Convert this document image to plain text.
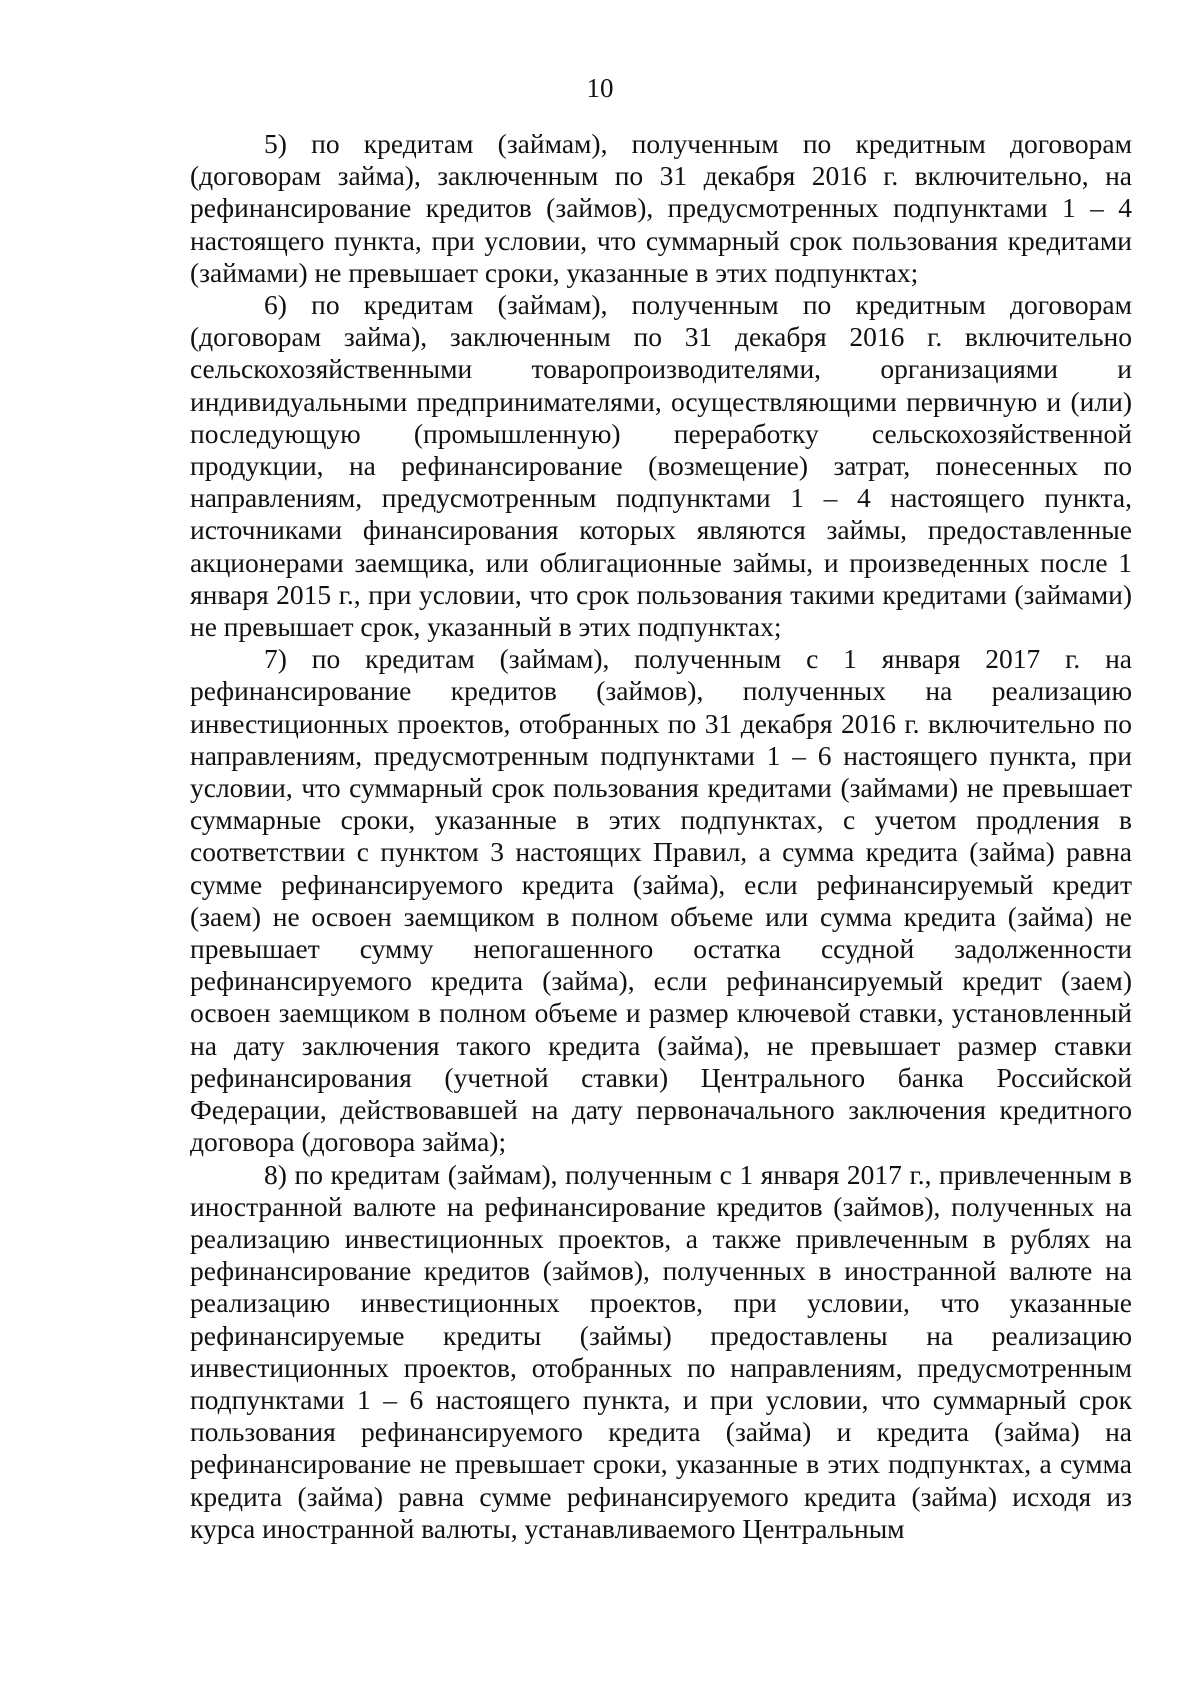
10

5) по кредитам (займам), полученным по кредитным договорам (договорам займа), заключенным по 31 декабря 2016 г. включительно, на рефинансирование кредитов (займов), предусмотренных подпунктами 1 – 4 настоящего пункта, при условии, что суммарный срок пользования кредитами (займами) не превышает сроки, указанные в этих подпунктах;

6) по кредитам (займам), полученным по кредитным договорам (договорам займа), заключенным по 31 декабря 2016 г. включительно сельскохозяйственными товаропроизводителями, организациями и индивидуальными предпринимателями, осуществляющими первичную и (или) последующую (промышленную) переработку сельскохозяйственной продукции, на рефинансирование (возмещение) затрат, понесенных по направлениям, предусмотренным подпунктами 1 – 4 настоящего пункта, источниками финансирования которых являются займы, предоставленные акционерами заемщика, или облигационные займы, и произведенных после 1 января 2015 г., при условии, что срок пользования такими кредитами (займами) не превышает срок, указанный в этих подпунктах;

7) по кредитам (займам), полученным с 1 января 2017 г. на рефинансирование кредитов (займов), полученных на реализацию инвестиционных проектов, отобранных по 31 декабря 2016 г. включительно по направлениям, предусмотренным подпунктами 1 – 6 настоящего пункта, при условии, что суммарный срок пользования кредитами (займами) не превышает суммарные сроки, указанные в этих подпунктах, с учетом продления в соответствии с пунктом 3 настоящих Правил, а сумма кредита (займа) равна сумме рефинансируемого кредита (займа), если рефинансируемый кредит (заем) не освоен заемщиком в полном объеме или сумма кредита (займа) не превышает сумму непогашенного остатка ссудной задолженности рефинансируемого кредита (займа), если рефинансируемый кредит (заем) освоен заемщиком в полном объеме и размер ключевой ставки, установленный на дату заключения такого кредита (займа), не превышает размер ставки рефинансирования (учетной ставки) Центрального банка Российской Федерации, действовавшей на дату первоначального заключения кредитного договора (договора займа);

8) по кредитам (займам), полученным с 1 января 2017 г., привлеченным в иностранной валюте на рефинансирование кредитов (займов), полученных на реализацию инвестиционных проектов, а также привлеченным в рублях на рефинансирование кредитов (займов), полученных в иностранной валюте на реализацию инвестиционных проектов, при условии, что указанные рефинансируемые кредиты (займы) предоставлены на реализацию инвестиционных проектов, отобранных по направлениям, предусмотренным подпунктами 1 – 6 настоящего пункта, и при условии, что суммарный срок пользования рефинансируемого кредита (займа) и кредита (займа) на рефинансирование не превышает сроки, указанные в этих подпунктах, а сумма кредита (займа) равна сумме рефинансируемого кредита (займа) исходя из курса иностранной валюты, устанавливаемого Центральным
